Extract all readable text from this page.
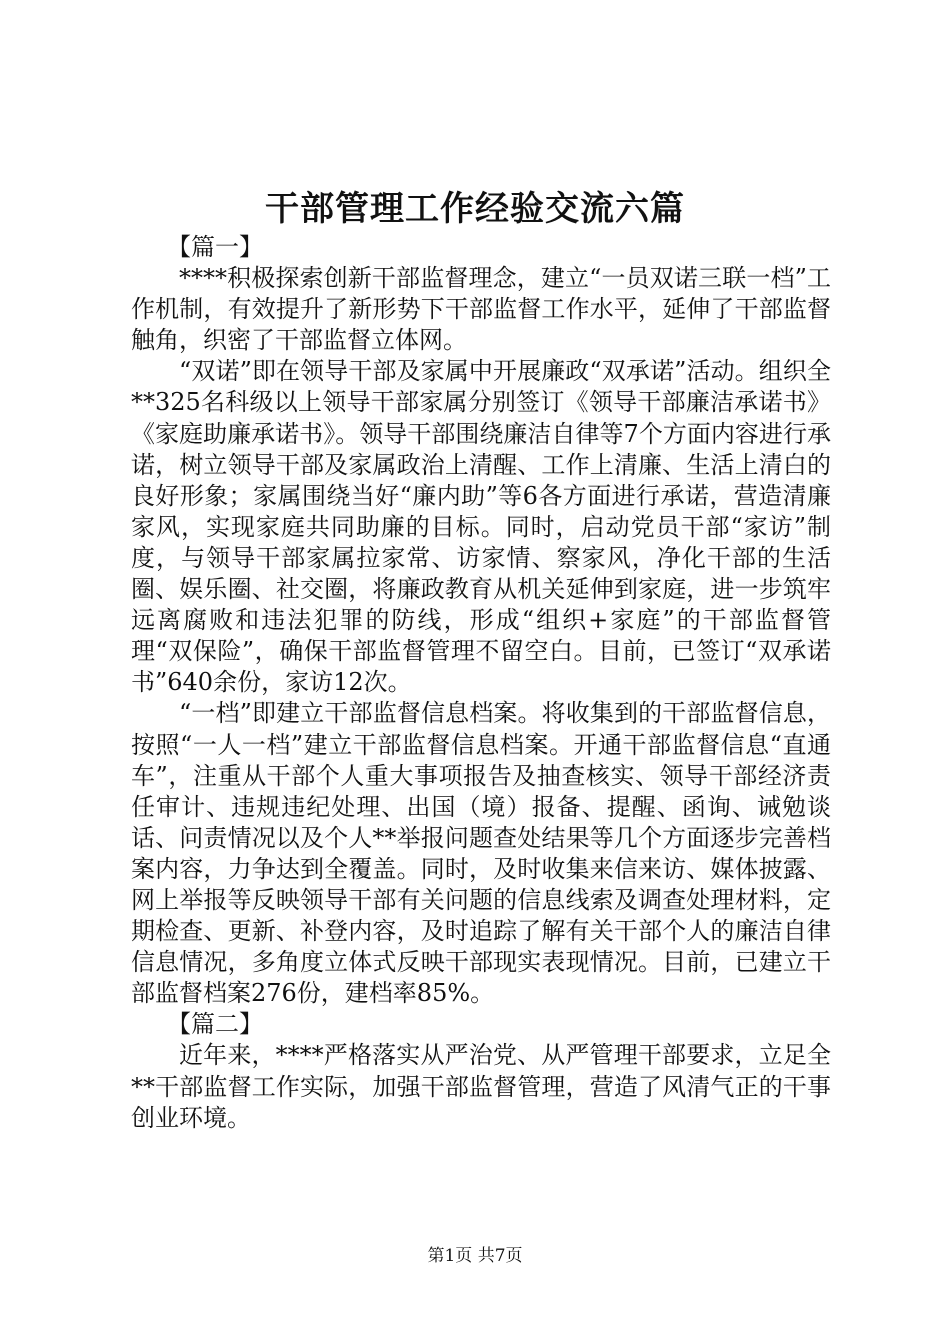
干部管理工作经验交流六篇
【篇一】

****积极探索创新干部监督理念，建立“一员双诺三联一档”工作机制，有效提升了新形势下干部监督工作水平，延伸了干部监督触角，织密了干部监督立体网。

“双诺”即在领导干部及家属中开展廉政“双承诺”活动。组织全**325名科级以上领导干部家属分别签订《领导干部廉洁承诺书》《家庭助廉承诺书》。领导干部围绕廉洁自律等7个方面内容进行承诺，树立领导干部及家属政治上清醒、工作上清廉、生活上清白的良好形象；家属围绕当好“廉内助”等6各方面进行承诺，营造清廉家风，实现家庭共同助廉的目标。同时，启动党员干部“家访”制度，与领导干部家属拉家常、访家情、察家风，净化干部的生活圈、娱乐圈、社交圈，将廉政教育从机关延伸到家庭，进一步筑牢远离腐败和违法犯罪的防线，形成“组织+家庭”的干部监督管理“双保险”，确保干部监督管理不留空白。目前，已签订“双承诺书”640余份，家访12次。

“一档”即建立干部监督信息档案。将收集到的干部监督信息，按照“一人一档”建立干部监督信息档案。开通干部监督信息“直通车”，注重从干部个人重大事项报告及抽查核实、领导干部经济责任审计、违规违纪处理、出国（境）报备、提醒、函询、诫勉谈话、问责情况以及个人**举报问题查处结果等几个方面逐步完善档案内容，力争达到全覆盖。同时，及时收集来信来访、媒体披露、网上举报等反映领导干部有关问题的信息线索及调查处理材料，定期检查、更新、补登内容，及时追踪了解有关干部个人的廉洁自律信息情况，多角度立体式反映干部现实表现情况。目前，已建立干部监督档案276份，建档率85%。

【篇二】

近年来，****严格落实从严治党、从严管理干部要求，立足全**干部监督工作实际，加强干部监督管理，营造了风清气正的干事创业环境。

第1页 共7页
